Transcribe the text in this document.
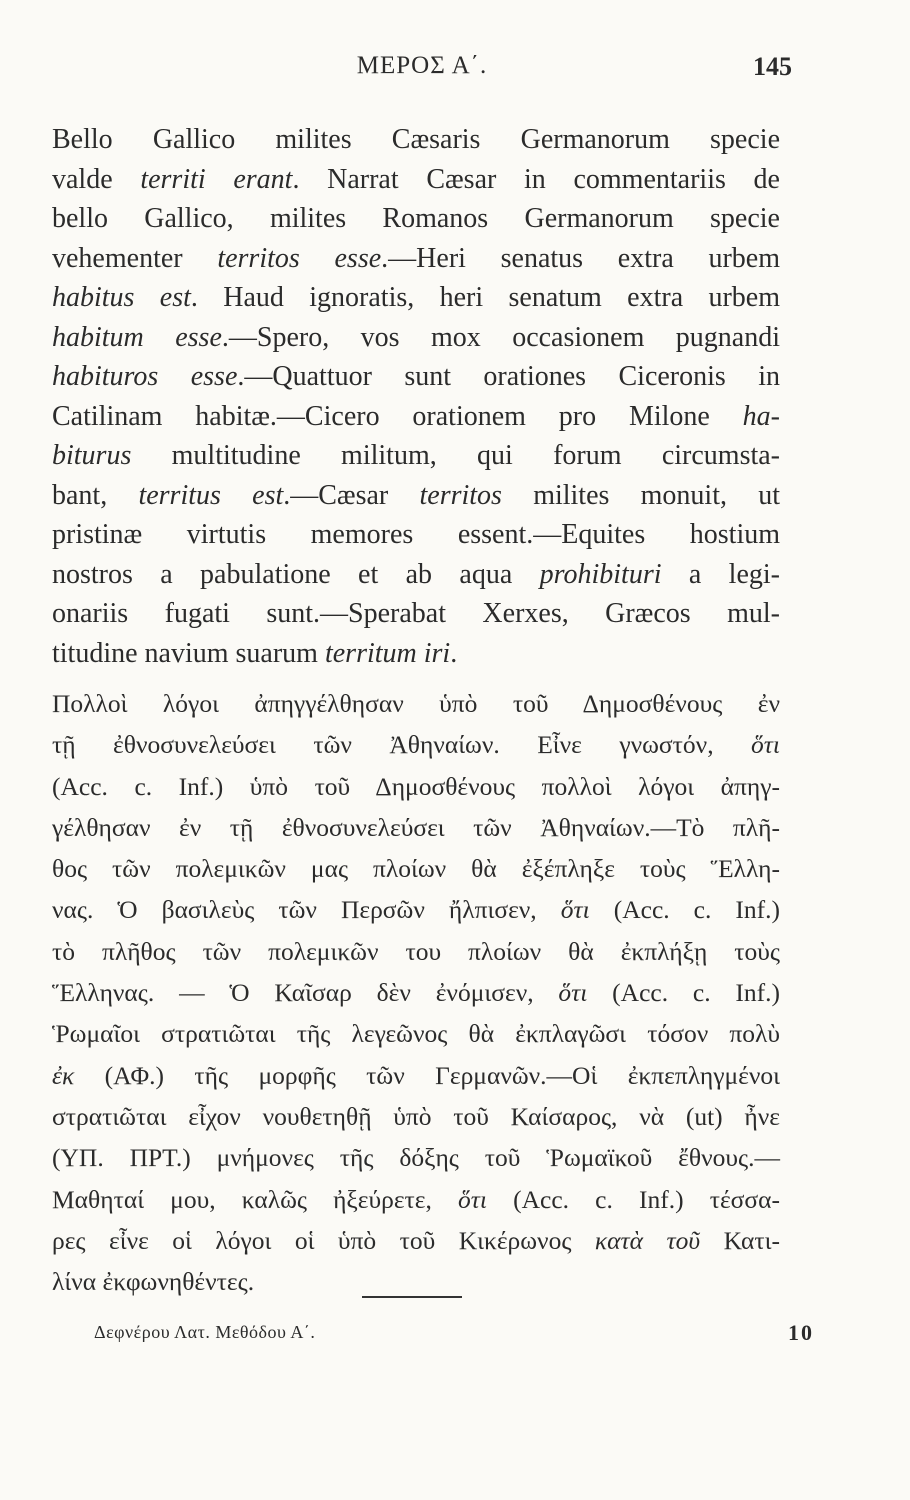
ΜΕΡΟΣ Α΄.	145
Bello Gallico milites Cæsaris Germanorum specie
valde territi erant. Narrat Cæsar in commentariis de
bello Gallico, milites Romanos Germanorum specie
vehementer territos esse.—Heri senatus extra urbem
habitus est. Haud ignoratis, heri senatum extra urbem
habitum esse.—Spero, vos mox occasionem pugnandi
habituros esse.—Quattuor sunt orationes Ciceronis in
Catilinam habitæ.—Cicero orationem pro Milone ha-
biturus multitudine militum, qui forum circumsta-
bant, territus est.—Cæsar territos milites monuit, ut
pristinæ virtutis memores essent.—Equites hostium
nostros a pabulatione et ab aqua prohibituri a legi-
onariis fugati sunt.—Sperabat Xerxes, Græcos mul-
titudine navium suarum territum iri.
Πολλοὶ λόγοι ἀπηγγέλθησαν ὑπὸ τοῦ Δημοσθένους ἐν
τῇ ἐθνοσυνελεύσει τῶν Ἀθηναίων. Εἶνε γνωστόν, ὅτι
(Acc. c. Inf.) ὑπὸ τοῦ Δημοσθένους πολλοὶ λόγοι ἀπηγ-
γέλθησαν ἐν τῇ ἐθνοσυνελεύσει τῶν Ἀθηναίων.—Τὸ πλῆ-
θος τῶν πολεμικῶν μας πλοίων θὰ ἐξέπληξε τοὺς Ἕλλη-
νας. Ὁ βασιλεὺς τῶν Περσῶν ἤλπισεν, ὅτι (Acc. c. Inf.)
τὸ πλῆθος τῶν πολεμικῶν του πλοίων θὰ ἐκπλήξῃ τοὺς
Ἕλληνας. — Ὁ Καῖσαρ δὲν ἐνόμισεν, ὅτι (Acc. c. Inf.)
Ῥωμαῖοι στρατιῶται τῆς λεγεῶνος θὰ ἐκπλαγῶσι τόσον πολὺ
ἐκ (ΑΦ.) τῆς μορφῆς τῶν Γερμανῶν.—Οἱ ἐκπεπληγμένοι
στρατιῶται εἶχον νουθετηθῇ ὑπὸ τοῦ Καίσαρος, νὰ (ut) ἦνε
(ΥΠ. ΠΡΤ.) μνήμονες τῆς δόξης τοῦ Ῥωμαϊκοῦ ἔθνους.—
Μαθηταί μου, καλῶς ἠξεύρετε, ὅτι (Acc. c. Inf.) τέσσα-
ρες εἶνε οἱ λόγοι οἱ ὑπὸ τοῦ Κικέρωνος κατὰ τοῦ Κατι-
λίνα ἐκφωνηθέντες.
Δεφνέρου Λατ. Μεθόδου Α΄.	10
